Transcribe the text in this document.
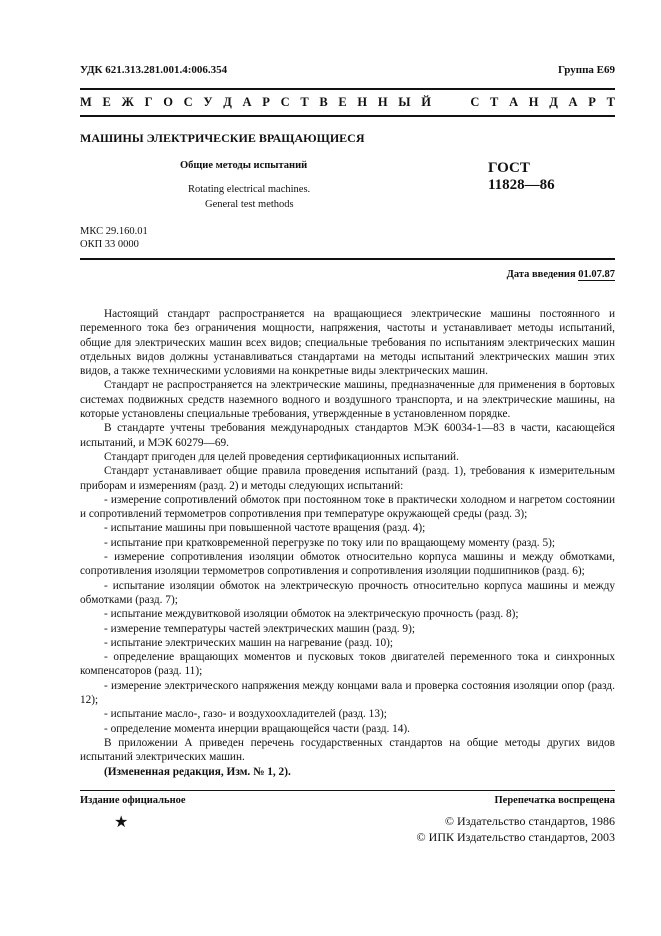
УДК 621.313.281.001.4:006.354	Группа E69
М Е Ж Г О С У Д А Р С Т В Е Н Н Ы Й	С Т А Н Д А Р Т
МАШИНЫ ЭЛЕКТРИЧЕСКИЕ ВРАЩАЮЩИЕСЯ
Общие методы испытаний
Rotating electrical machines.
General test methods
ГОСТ
11828—86
МКС 29.160.01
ОКП 33 0000
Дата введения 01.07.87

Настоящий стандарт распространяется на вращающиеся электрические машины постоянного и переменного тока без ограничения мощности, напряжения, частоты и устанавливает методы испытаний, общие для электрических машин всех видов; специальные требования по испытаниям электрических машин отдельных видов должны устанавливаться стандартами на методы испытаний электрических машин этих видов, а также техническими условиями на конкретные виды электрических машин.

Стандарт не распространяется на электрические машины, предназначенные для применения в бортовых системах подвижных средств наземного водного и воздушного транспорта, и на электрические машины, на которые установлены специальные требования, утвержденные в установленном порядке.

В стандарте учтены требования международных стандартов МЭК 60034-1—83 в части, касающейся испытаний, и МЭК 60279—69.

Стандарт пригоден для целей проведения сертификационных испытаний.

Стандарт устанавливает общие правила проведения испытаний (разд. 1), требования к измерительным приборам и измерениям (разд. 2) и методы следующих испытаний:

- измерение сопротивлений обмоток при постоянном токе в практически холодном и нагретом состоянии и сопротивлений термометров сопротивления при температуре окружающей среды (разд. 3);

- испытание машины при повышенной частоте вращения (разд. 4);

- испытание при кратковременной перегрузке по току или по вращающему моменту (разд. 5);

- измерение сопротивления изоляции обмоток относительно корпуса машины и между обмотками, сопротивления изоляции термометров сопротивления и сопротивления изоляции подшипников (разд. 6);

- испытание изоляции обмоток на электрическую прочность относительно корпуса машины и между обмотками (разд. 7);

- испытание междувитковой изоляции обмоток на электрическую прочность (разд. 8);

- измерение температуры частей электрических машин (разд. 9);

- испытание электрических машин на нагревание (разд. 10);

- определение вращающих моментов и пусковых токов двигателей переменного тока и синхронных компенсаторов (разд. 11);

- измерение электрического напряжения между концами вала и проверка состояния изоляции опор (разд. 12);

- испытание масло-, газо- и воздухоохладителей (разд. 13);

- определение момента инерции вращающейся части (разд. 14).

В приложении А приведен перечень государственных стандартов на общие методы других видов испытаний электрических машин.

(Измененная редакция, Изм. № 1, 2).

Издание официальное	Перепечатка воспрещена
★	© Издательство стандартов, 1986
© ИПК Издательство стандартов, 2003
